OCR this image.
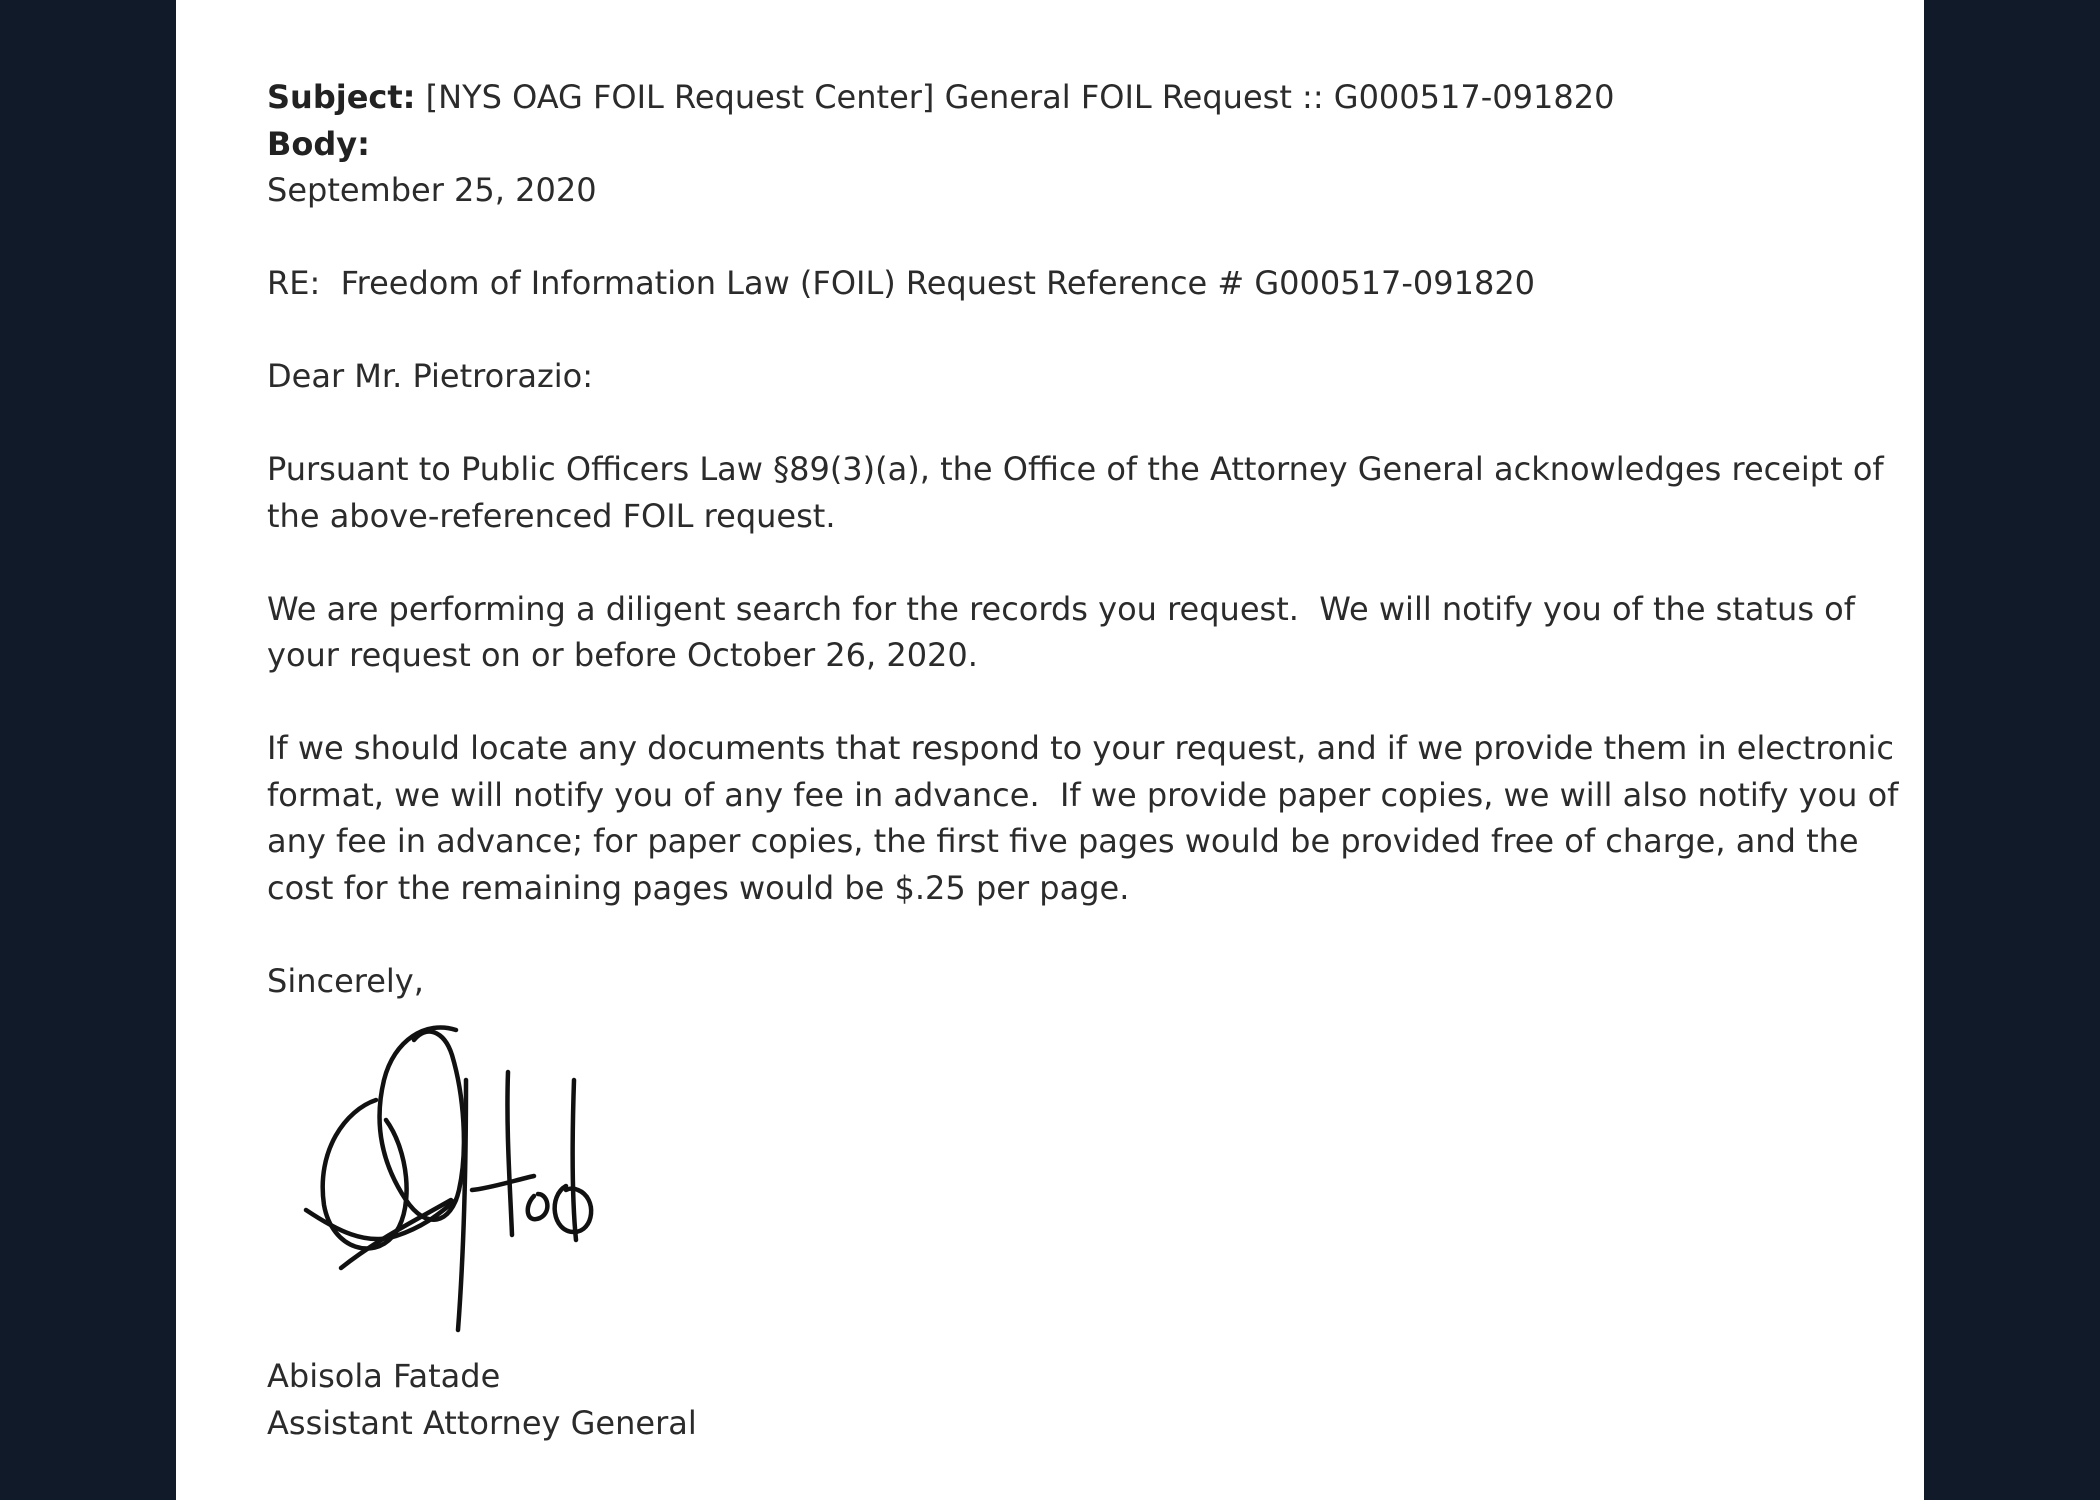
Subject: [NYS OAG FOIL Request Center] General FOIL Request :: G000517-091820

Body:

September 25, 2020

RE:  Freedom of Information Law (FOIL) Request Reference # G000517-091820

Dear Mr. Pietrorazio:

Pursuant to Public Officers Law §89(3)(a), the Office of the Attorney General acknowledges receipt of the above-referenced FOIL request.

We are performing a diligent search for the records you request.  We will notify you of the status of your request on or before October 26, 2020.

If we should locate any documents that respond to your request, and if we provide them in electronic format, we will notify you of any fee in advance.  If we provide paper copies, we will also notify you of any fee in advance; for paper copies, the first five pages would be provided free of charge, and the cost for the remaining pages would be $.25 per page.

Sincerely,

Abisola Fatade

Assistant Attorney General
